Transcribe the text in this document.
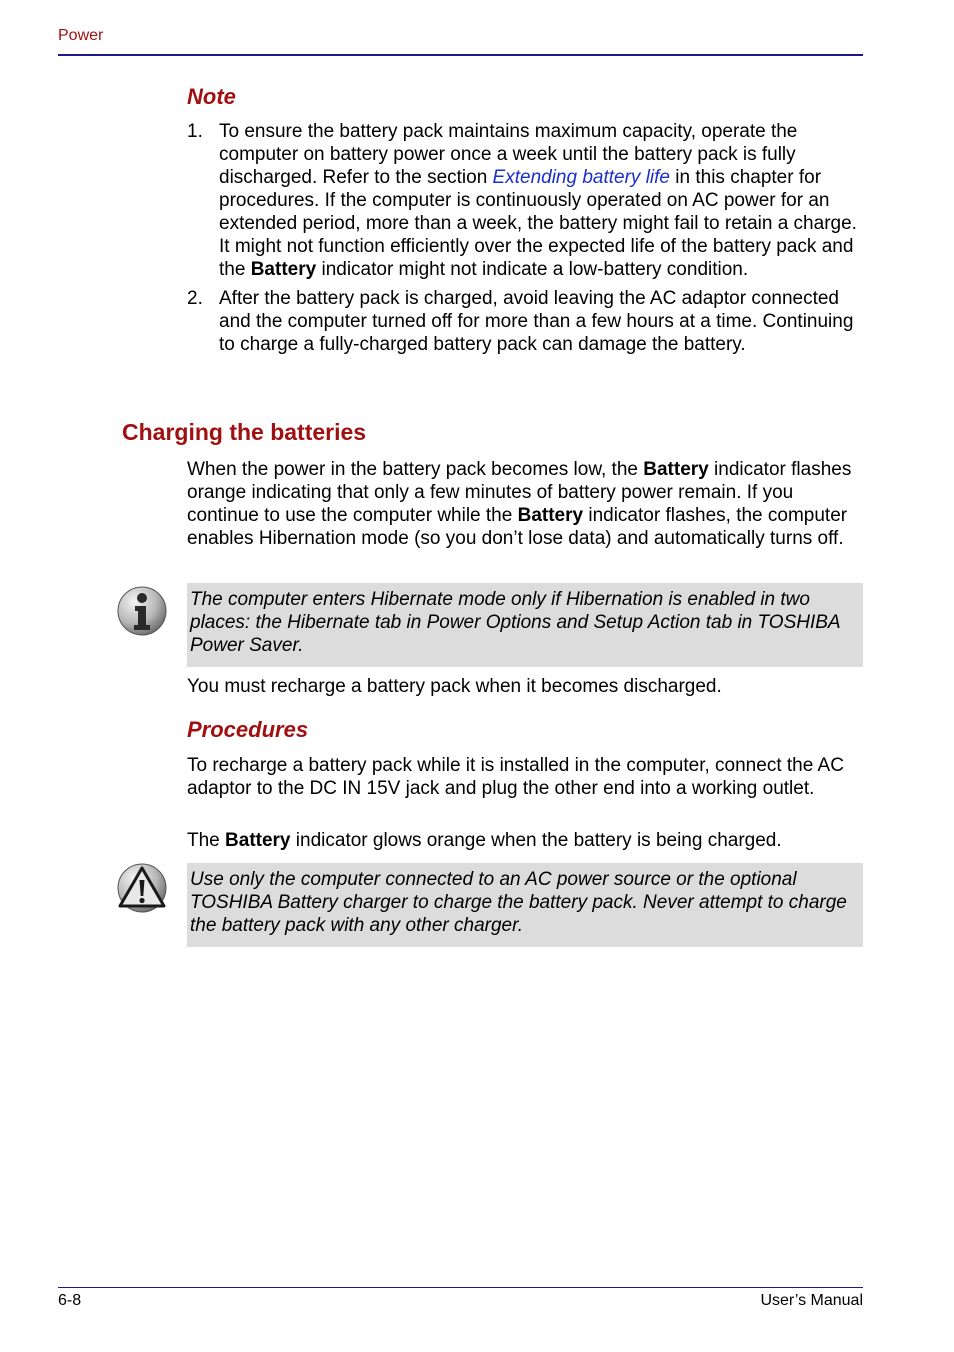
Power
Note
1. To ensure the battery pack maintains maximum capacity, operate the computer on battery power once a week until the battery pack is fully discharged. Refer to the section Extending battery life in this chapter for procedures. If the computer is continuously operated on AC power for an extended period, more than a week, the battery might fail to retain a charge. It might not function efficiently over the expected life of the battery pack and the Battery indicator might not indicate a low-battery condition.
2. After the battery pack is charged, avoid leaving the AC adaptor connected and the computer turned off for more than a few hours at a time. Continuing to charge a fully-charged battery pack can damage the battery.
Charging the batteries
When the power in the battery pack becomes low, the Battery indicator flashes orange indicating that only a few minutes of battery power remain. If you continue to use the computer while the Battery indicator flashes, the computer enables Hibernation mode (so you don’t lose data) and automatically turns off.
The computer enters Hibernate mode only if Hibernation is enabled in two places: the Hibernate tab in Power Options and Setup Action tab in TOSHIBA Power Saver.
You must recharge a battery pack when it becomes discharged.
Procedures
To recharge a battery pack while it is installed in the computer, connect the AC adaptor to the DC IN 15V jack and plug the other end into a working outlet.
The Battery indicator glows orange when the battery is being charged.
Use only the computer connected to an AC power source or the optional TOSHIBA Battery charger to charge the battery pack. Never attempt to charge the battery pack with any other charger.
6-8	User’s Manual
